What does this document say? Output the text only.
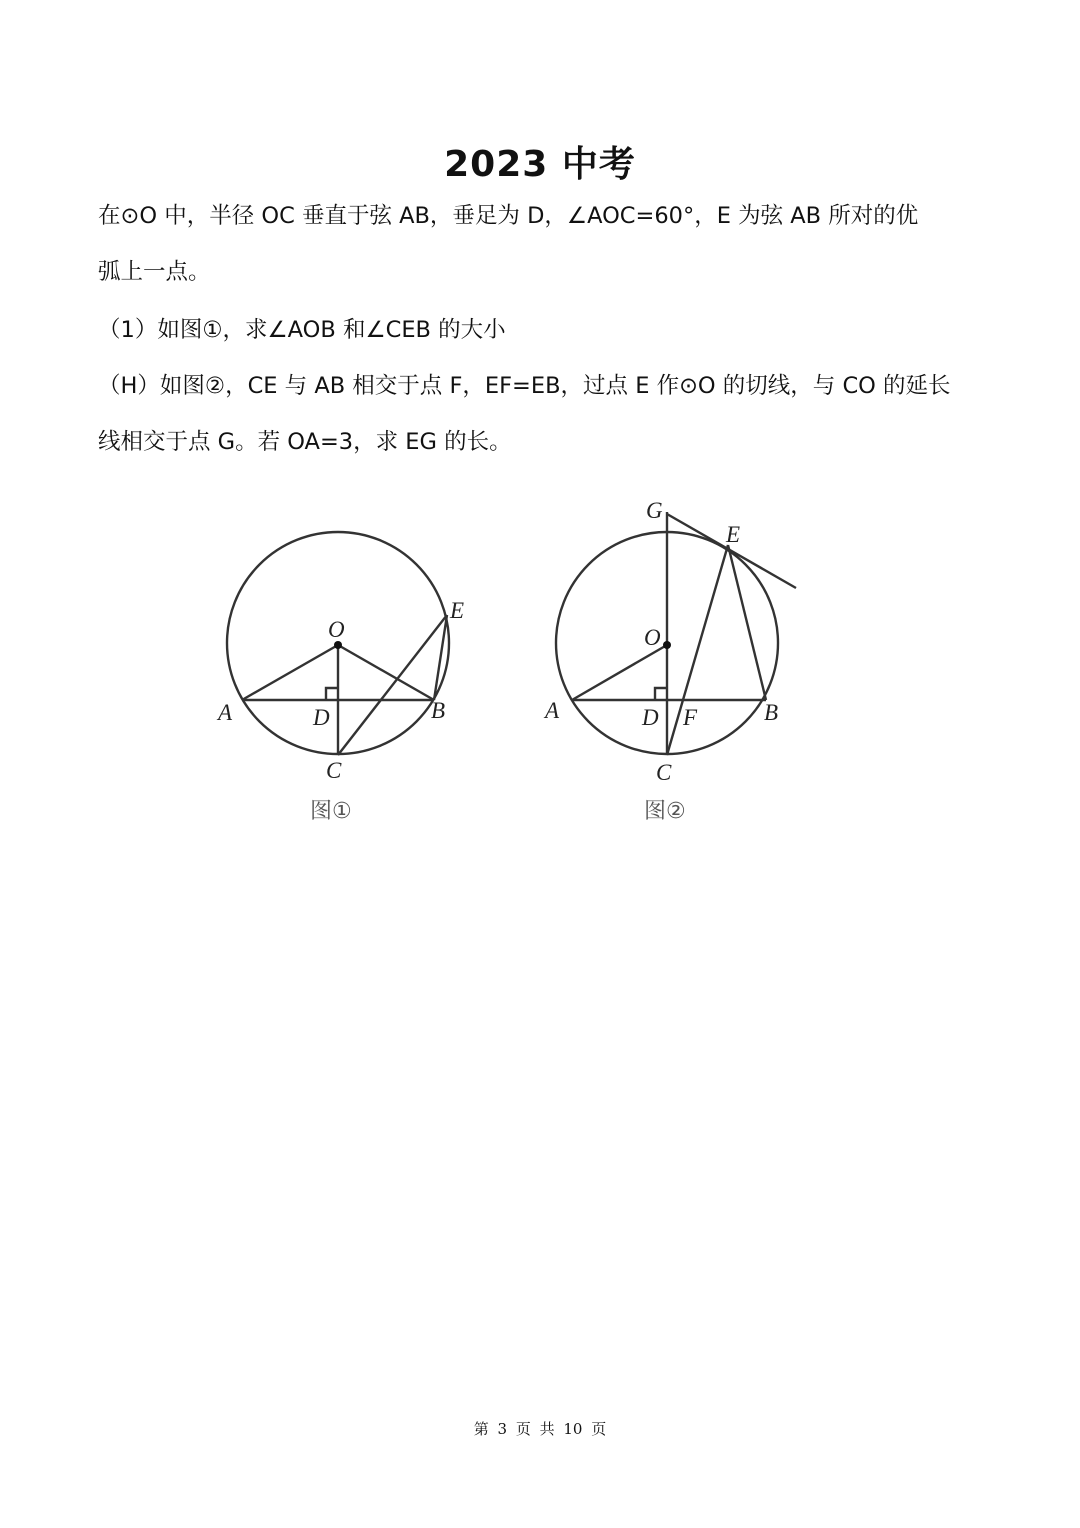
2023 中考
在⊙O 中，半径 OC 垂直于弦 AB，垂足为 D，∠AOC=60°，E 为弦 AB 所对的优
弧上一点。
（1）如图①，求∠AOB 和∠CEB 的大小
（H）如图②，CE 与 AB 相交于点 F，EF=EB，过点 E 作⊙O 的切线，与 CO 的延长
线相交于点 G。若 OA=3，求 EG 的长。
O
A	B
D
C
E
图①
G
E
O
A	D F	B
C
图②
第 3 页 共 10 页
